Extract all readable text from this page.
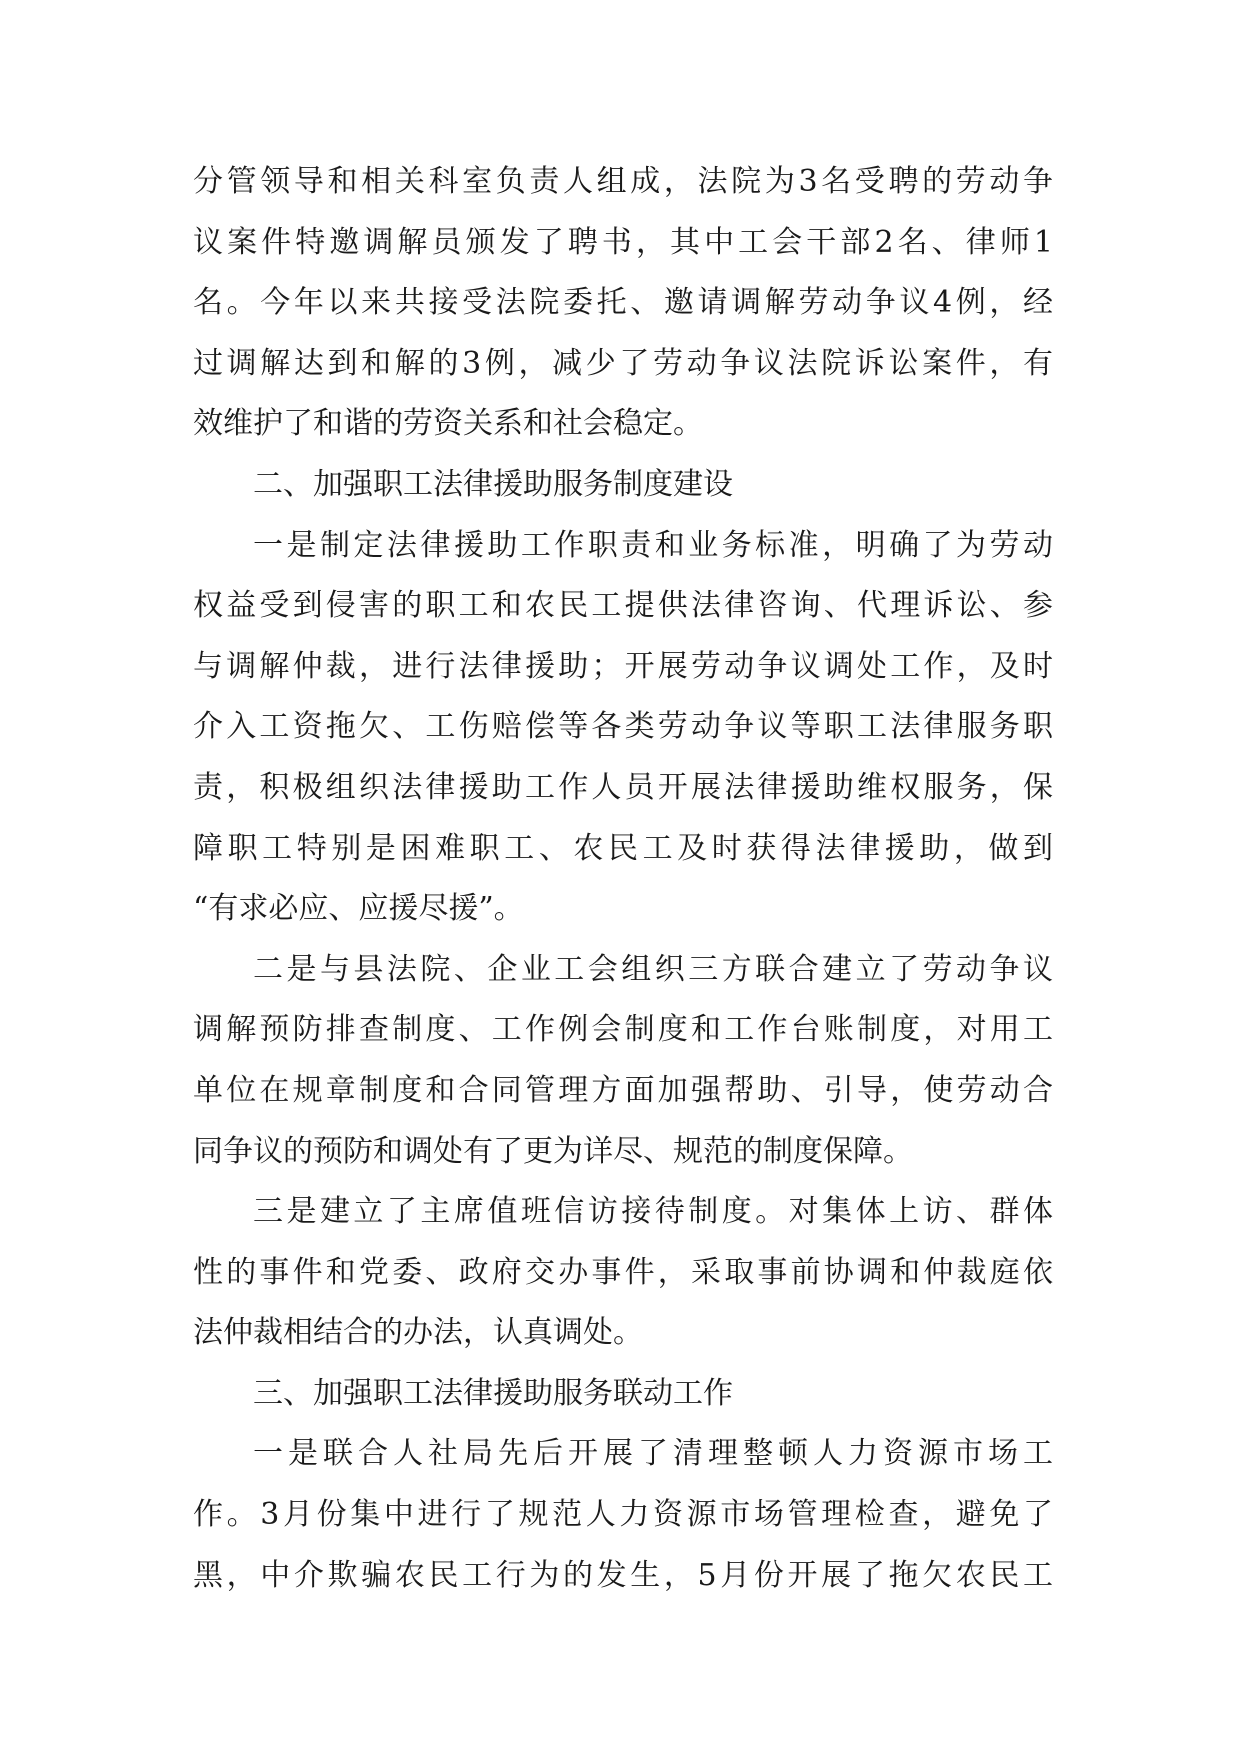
分管领导和相关科室负责人组成，法院为3名受聘的劳动争
议案件特邀调解员颁发了聘书，其中工会干部2名、律师1
名。今年以来共接受法院委托、邀请调解劳动争议4例，经
过调解达到和解的3例，减少了劳动争议法院诉讼案件，有
效维护了和谐的劳资关系和社会稳定。
二、加强职工法律援助服务制度建设
一是制定法律援助工作职责和业务标准，明确了为劳动
权益受到侵害的职工和农民工提供法律咨询、代理诉讼、参
与调解仲裁，进行法律援助；开展劳动争议调处工作，及时
介入工资拖欠、工伤赔偿等各类劳动争议等职工法律服务职
责，积极组织法律援助工作人员开展法律援助维权服务，保
障职工特别是困难职工、农民工及时获得法律援助，做到
“有求必应、应援尽援”。
二是与县法院、企业工会组织三方联合建立了劳动争议
调解预防排查制度、工作例会制度和工作台账制度，对用工
单位在规章制度和合同管理方面加强帮助、引导，使劳动合
同争议的预防和调处有了更为详尽、规范的制度保障。
三是建立了主席值班信访接待制度。对集体上访、群体
性的事件和党委、政府交办事件，采取事前协调和仲裁庭依
法仲裁相结合的办法，认真调处。
三、加强职工法律援助服务联动工作
一是联合人社局先后开展了清理整顿人力资源市场工
作。3月份集中进行了规范人力资源市场管理检查，避免了
黑，中介欺骗农民工行为的发生，5月份开展了拖欠农民工
